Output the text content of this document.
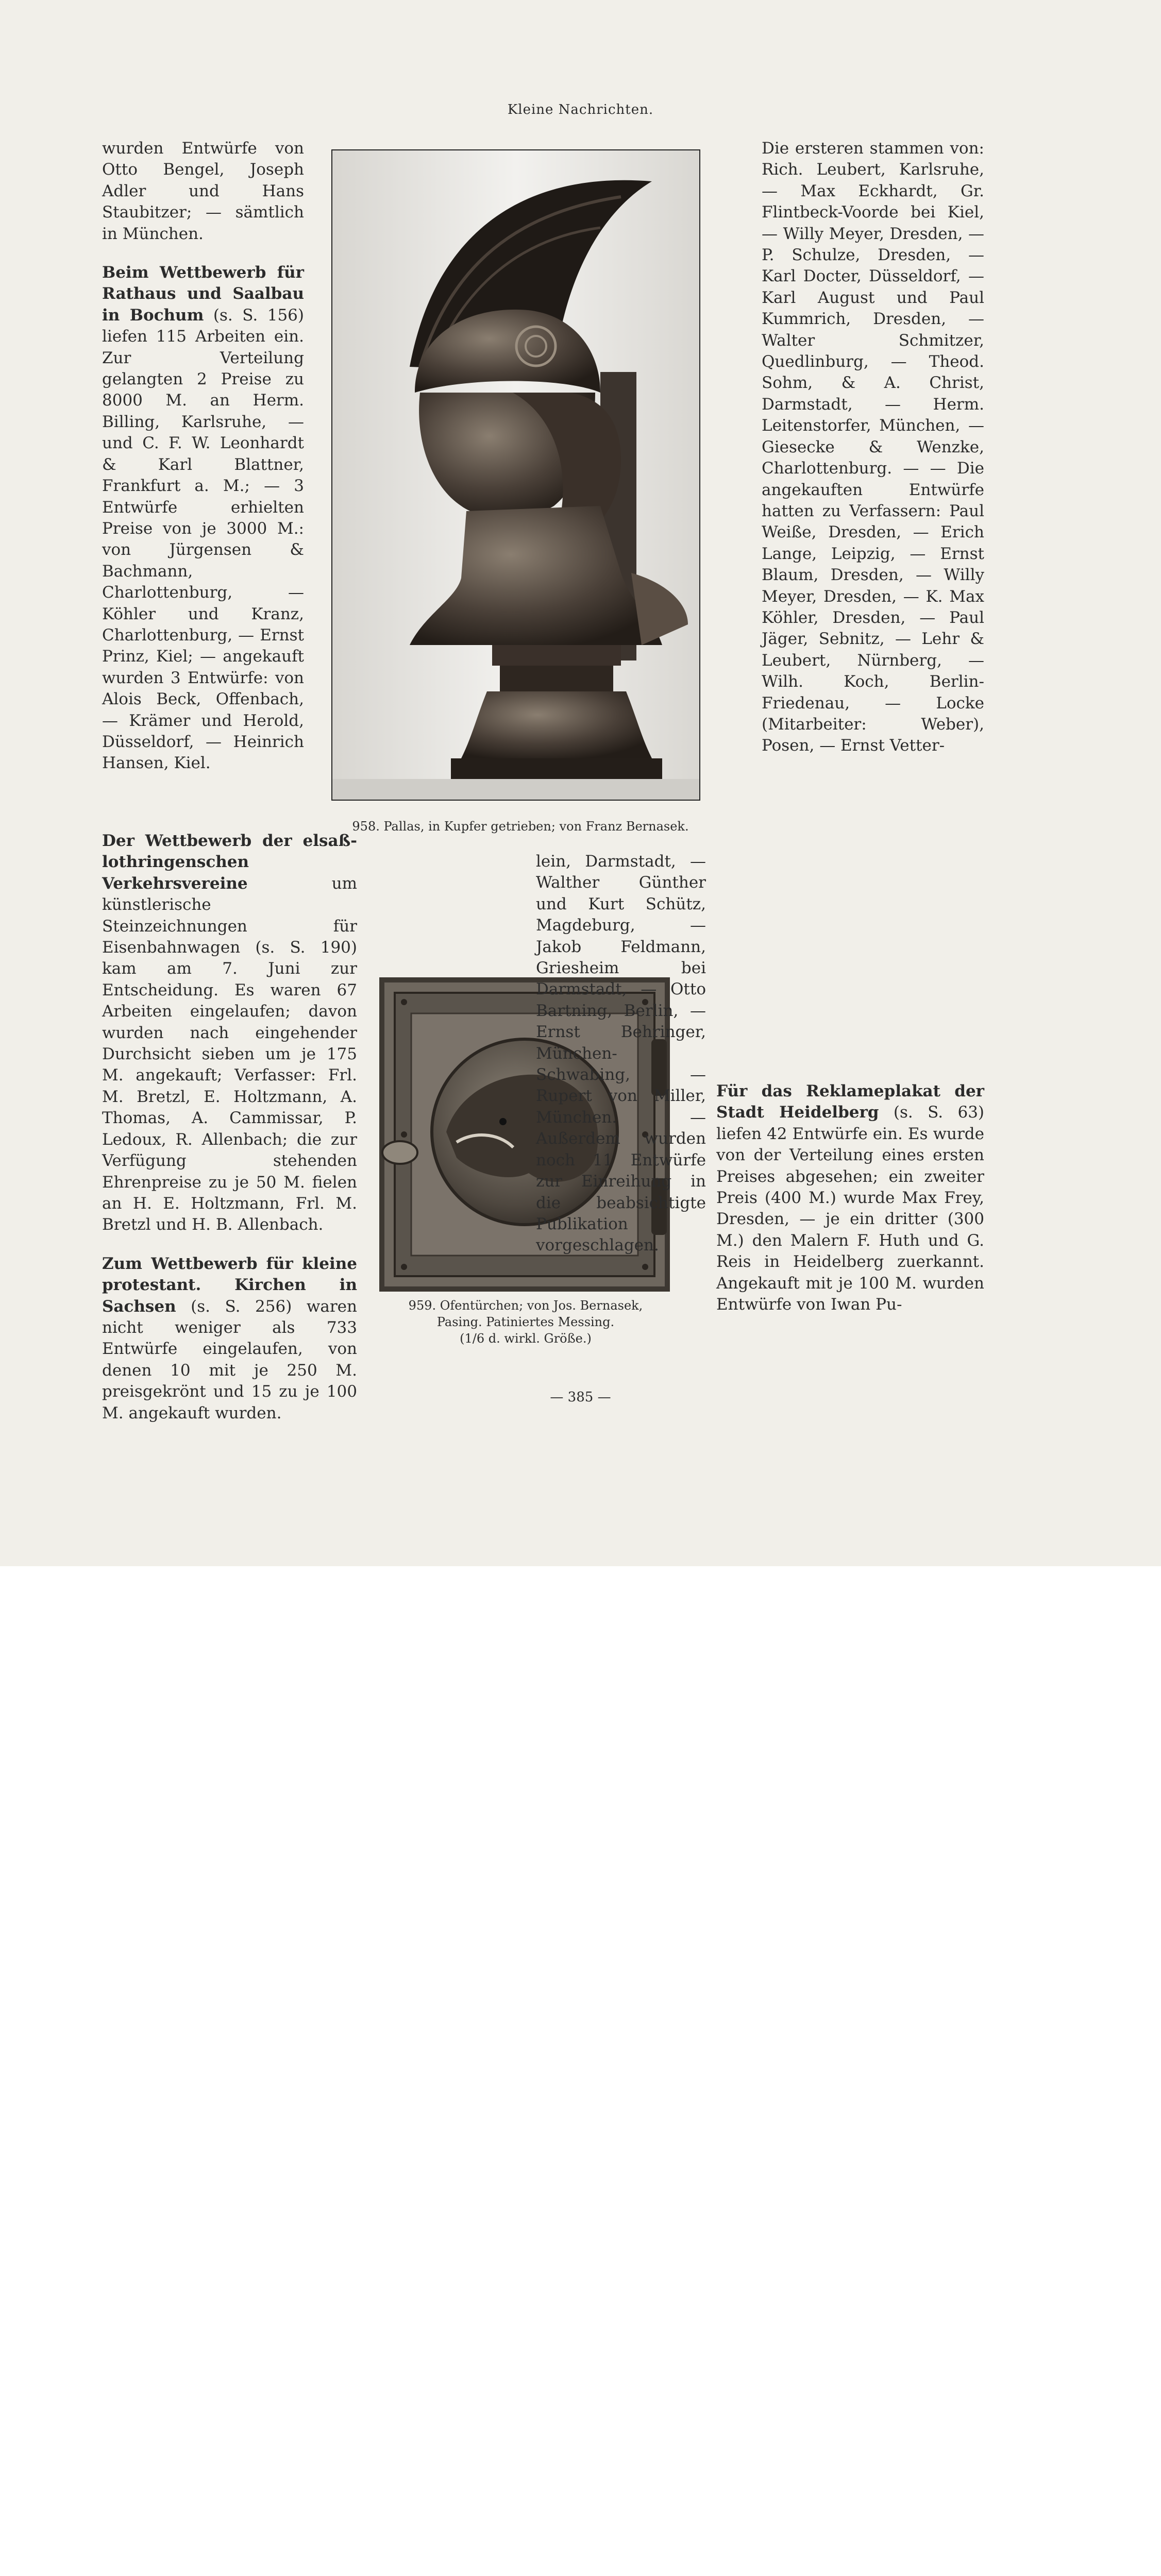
Kleine Nachrichten.

wurden Entwürfe von Otto Bengel, Joseph Adler und Hans Staubitzer; — sämtlich in München.

Beim Wettbewerb für Rathaus und Saalbau in Bochum (s. S. 156) liefen 115 Arbeiten ein. Zur Verteilung gelangten 2 Preise zu 8000 M. an Herm. Billing, Karlsruhe, — und C. F. W. Leonhardt & Karl Blattner, Frankfurt a. M.; — 3 Entwürfe erhielten Preise von je 3000 M.: von Jürgensen & Bachmann, Charlottenburg, — Köhler und Kranz, Charlottenburg, — Ernst Prinz, Kiel; — angekauft wurden 3 Entwürfe: von Alois Beck, Offenbach, — Krämer und Herold, Düsseldorf, — Heinrich Hansen, Kiel.

958. Pallas, in Kupfer getrieben; von Franz Bernasek.

Die ersteren stammen von: Rich. Leubert, Karlsruhe, — Max Eckhardt, Gr. Flintbeck-Voorde bei Kiel, — Willy Meyer, Dresden, — P. Schulze, Dresden, — Karl Docter, Düsseldorf, — Karl August und Paul Kummrich, Dresden, — Walter Schmitzer, Quedlinburg, — Theod. Sohm, & A. Christ, Darmstadt, — Herm. Leitenstorfer, München, — Giesecke & Wenzke, Charlottenburg. — — Die angekauften Entwürfe hatten zu Verfassern: Paul Weiße, Dresden, — Erich Lange, Leipzig, — Ernst Blaum, Dresden, — Willy Meyer, Dresden, — K. Max Köhler, Dresden, — Paul Jäger, Sebnitz, — Lehr & Leubert, Nürnberg, — Wilh. Koch, Berlin-Friedenau, — Locke (Mitarbeiter: Weber), Posen, — Ernst Vetter-

Der Wettbewerb der elsaß-lothringenschen Verkehrsvereine	um künstlerische Steinzeichnungen für Eisenbahnwagen (s. S. 190) kam am 7. Juni zur Entscheidung. Es waren 67 Arbeiten eingelaufen; davon wurden nach eingehender Durchsicht sieben um je 175 M. angekauft; Verfasser: Frl. M. Bretzl, E. Holtzmann, A. Thomas, A. Cammissar, P. Ledoux, R. Allenbach; die zur Verfügung stehenden Ehrenpreise zu je 50 M. fielen an H. E. Holtzmann, Frl. M. Bretzl und H. B. Allenbach.

Zum Wettbewerb für kleine protestant. Kirchen in Sachsen (s. S. 256) waren nicht weniger als 733 Entwürfe eingelaufen, von denen 10 mit je 250 M. preisgekrönt und 15 zu je 100 M. angekauft wurden.

959. Ofentürchen; von Jos. Bernasek,
Pasing. Patiniertes Messing.
(1/6 d. wirkl. Größe.)

lein, Darmstadt, — Walther Günther und Kurt Schütz, Magdeburg, — Jakob Feldmann, Griesheim bei Darmstadt, — Otto Bartning, Berlin, — Ernst Behringer, München-Schwabing, — Rupert von Miller, München. — Außerdem wurden noch 11 Entwürfe zur Einreihung in die beabsichtigte Publikation vorgeschlagen.

Für das Reklameplakat der Stadt Heidelberg (s. S. 63) liefen 42 Entwürfe ein. Es wurde von der Verteilung eines ersten Preises abgesehen; ein zweiter Preis (400 M.) wurde Max Frey, Dresden, — je ein dritter (300 M.) den Malern F. Huth und G. Reis in Heidelberg zuerkannt. Angekauft mit je 100 M. wurden Entwürfe von Iwan Pu-

— 385 —
